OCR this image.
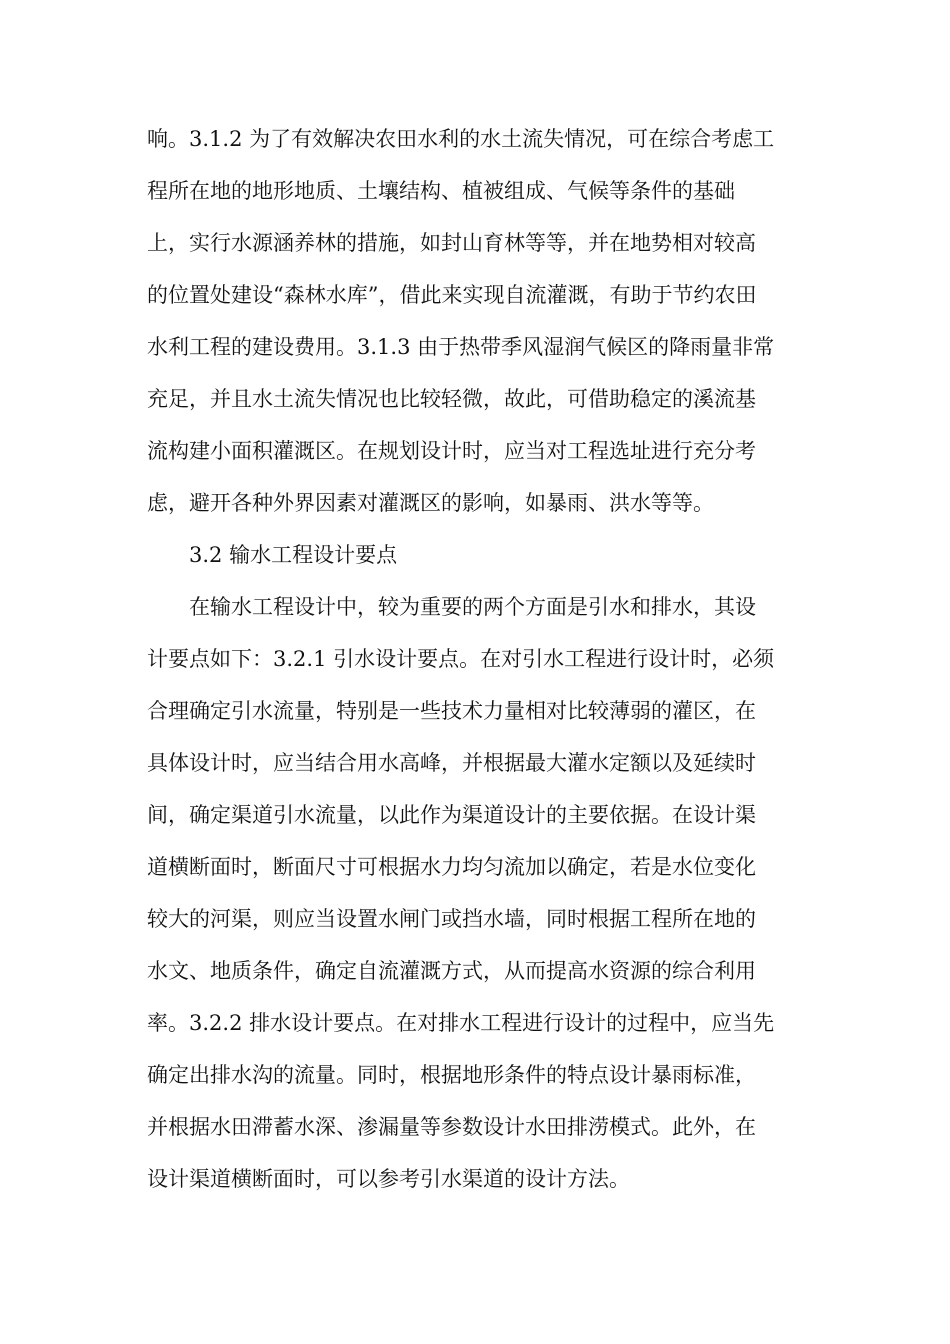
响。3.1.2 为了有效解决农田水利的水土流失情况，可在综合考虑工
程所在地的地形地质、土壤结构、植被组成、气候等条件的基础
上，实行水源涵养林的措施，如封山育林等等，并在地势相对较高
的位置处建设“森林水库”，借此来实现自流灌溉，有助于节约农田
水利工程的建设费用。3.1.3 由于热带季风湿润气候区的降雨量非常
充足，并且水土流失情况也比较轻微，故此，可借助稳定的溪流基
流构建小面积灌溉区。在规划设计时，应当对工程选址进行充分考
虑，避开各种外界因素对灌溉区的影响，如暴雨、洪水等等。
3.2 输水工程设计要点
在输水工程设计中，较为重要的两个方面是引水和排水，其设
计要点如下：3.2.1 引水设计要点。在对引水工程进行设计时，必须
合理确定引水流量，特别是一些技术力量相对比较薄弱的灌区，在
具体设计时，应当结合用水高峰，并根据最大灌水定额以及延续时
间，确定渠道引水流量，以此作为渠道设计的主要依据。在设计渠
道横断面时，断面尺寸可根据水力均匀流加以确定，若是水位变化
较大的河渠，则应当设置水闸门或挡水墙，同时根据工程所在地的
水文、地质条件，确定自流灌溉方式，从而提高水资源的综合利用
率。3.2.2 排水设计要点。在对排水工程进行设计的过程中，应当先
确定出排水沟的流量。同时，根据地形条件的特点设计暴雨标准，
并根据水田滞蓄水深、渗漏量等参数设计水田排涝模式。此外，在
设计渠道横断面时，可以参考引水渠道的设计方法。
